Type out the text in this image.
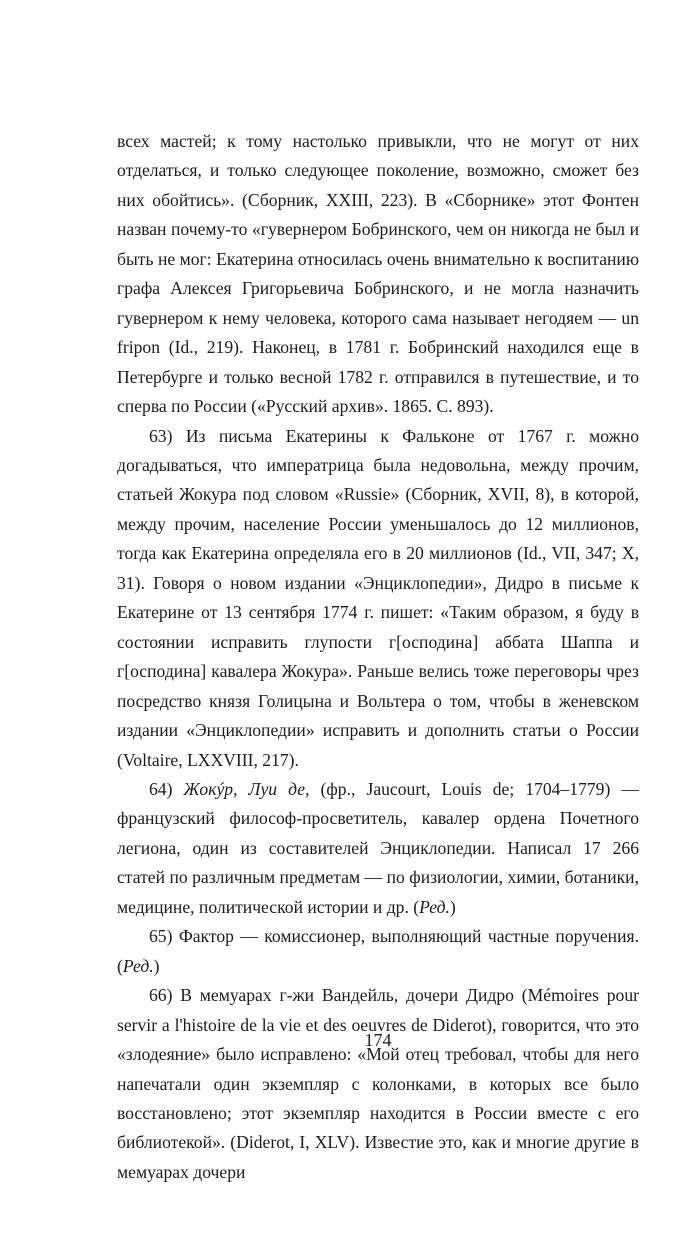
всех мастей; к тому настолько привыкли, что не могут от них отделаться, и только следующее поколение, возможно, сможет без них обойтись». (Сборник, XXIII, 223). В «Сборнике» этот Фонтен назван почему-то «гувернером Бобринского, чем он никогда не был и быть не мог: Екатерина относилась очень внимательно к воспитанию графа Алексея Григорьевича Бобринского, и не могла назначить гувернером к нему человека, которого сама называет негодяем — un fripon (Id., 219). Наконец, в 1781 г. Бобринский находился еще в Петербурге и только весной 1782 г. отправился в путешествие, и то сперва по России («Русский архив». 1865. С. 893).

63) Из письма Екатерины к Фальконе от 1767 г. можно догадываться, что императрица была недовольна, между прочим, статьей Жокура под словом «Russie» (Сборник, XVII, 8), в которой, между прочим, население России уменьшалось до 12 миллионов, тогда как Екатерина определяла его в 20 миллионов (Id., VII, 347; X, 31). Говоря о новом издании «Энциклопедии», Дидро в письме к Екатерине от 13 сентября 1774 г. пишет: «Таким образом, я буду в состоянии исправить глупости г[осподина] аббата Шаппа и г[осподина] кавалера Жокура». Раньше велись тоже переговоры чрез посредство князя Голицына и Вольтера о том, чтобы в женевском издании «Энциклопедии» исправить и дополнить статьи о России (Voltaire, LXXVIII, 217).

64) Жокýр, Луи де, (фр., Jaucourt, Louis de; 1704–1779) — французский философ-просветитель, кавалер ордена Почетного легиона, один из составителей Энциклопедии. Написал 17 266 статей по различным предметам — по физиологии, химии, ботаники, медицине, политической истории и др. (Ред.)

65) Фактор — комиссионер, выполняющий частные поручения. (Ред.)

66) В мемуарах г-жи Вандейль, дочери Дидро (Mémoires pour servir a l'histoire de la vie et des oeuvres de Diderot), говорится, что это «злодеяние» было исправлено: «Мой отец требовал, чтобы для него напечатали один экземпляр с колонками, в которых все было восстановлено; этот экземпляр находится в России вместе с его библиотекой». (Diderot, I, XLV). Известие это, как и многие другие в мемуарах дочери

174
